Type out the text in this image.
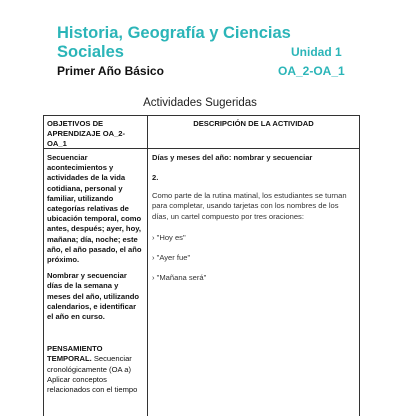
Historia, Geografía y Ciencias
Sociales	Unidad 1
Primer Año Básico	OA_2-OA_1
Actividades Sugeridas
OBJETIVOS DE APRENDIZAJE OA_2-OA_1
DESCRIPCIÓN DE LA ACTIVIDAD

Secuenciar acontecimientos y actividades de la vida cotidiana, personal y familiar, utilizando categorías relativas de ubicación temporal, como antes, después; ayer, hoy, mañana; día, noche; este año, el año pasado, el año próximo.

Nombrar y secuenciar días de la semana y meses del año, utilizando calendarios, e identificar el año en curso.

PENSAMIENTO TEMPORAL. Secuenciar cronológicamente (OA a) Aplicar conceptos relacionados con el tiempo

Días y meses del año: nombrar y secuenciar
2.
Como parte de la rutina matinal, los estudiantes se turnan para completar, usando tarjetas con los nombres de los días, un cartel compuesto por tres oraciones:
› "Hoy es"
› "Ayer fue"
› "Mañana será"
